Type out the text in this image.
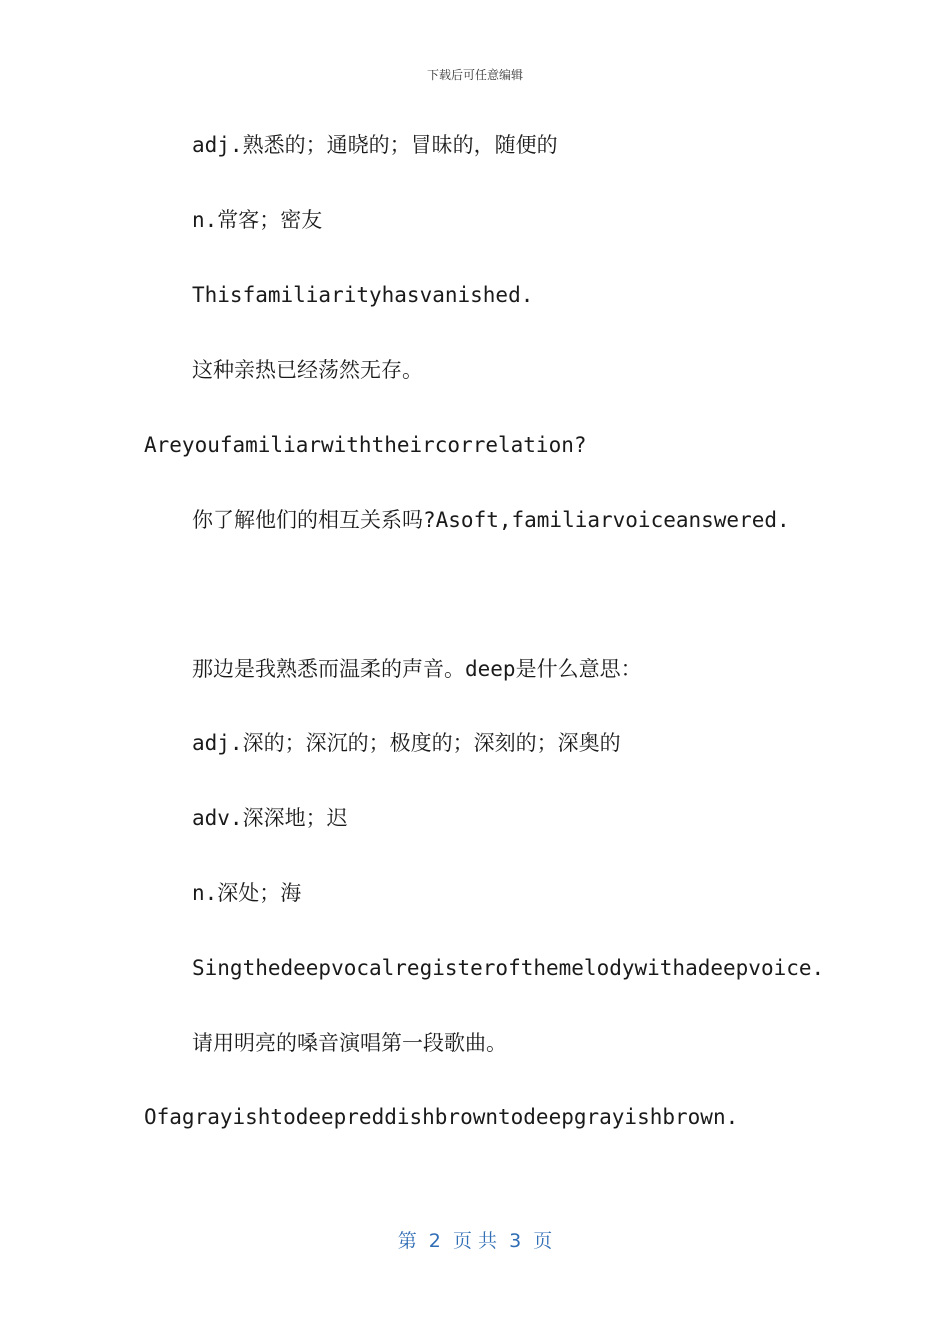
下载后可任意编辑
adj.熟悉的；通晓的；冒昧的，随便的
n.常客；密友
Thisfamiliarityhasvanished.
这种亲热已经荡然无存。
Areyoufamiliarwiththeircorrelation?
你了解他们的相互关系吗?Asoft,familiarvoiceanswered.
那边是我熟悉而温柔的声音。deep是什么意思：
adj.深的；深沉的；极度的；深刻的；深奥的
adv.深深地；迟
n.深处；海
Singthedeepvocalregisterofthemelodywithadeepvoice.
请用明亮的嗓音演唱第一段歌曲。
Ofagrayishtodeepreddishbrowntodeepgrayishbrown.
第  2  页 共  3  页
